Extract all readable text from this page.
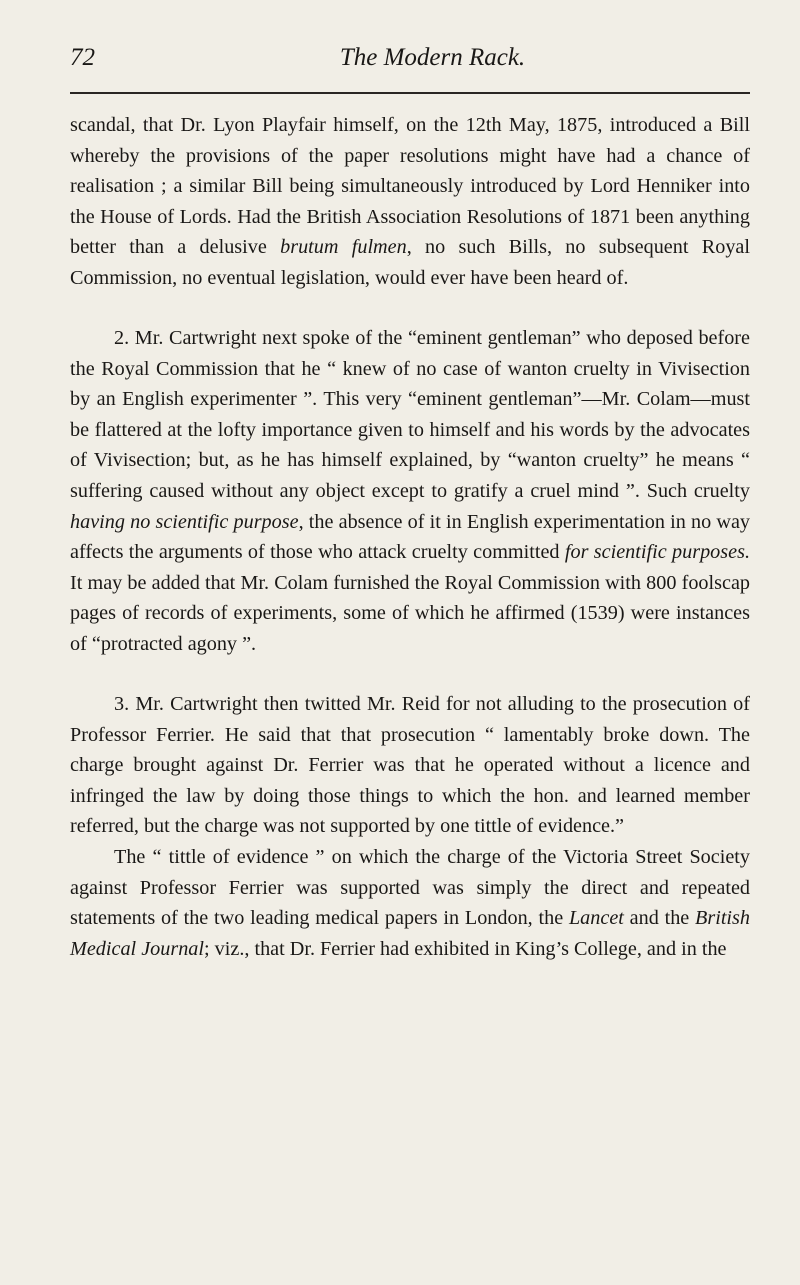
72	The Modern Rack.

scandal, that Dr. Lyon Playfair himself, on the 12th May, 1875, introduced a Bill whereby the provisions of the paper resolutions might have had a chance of realisation ; a similar Bill being simultaneously introduced by Lord Henniker into the House of Lords. Had the British Association Resolutions of 1871 been anything better than a delusive brutum fulmen, no such Bills, no subsequent Royal Commission, no eventual legislation, would ever have been heard of.

2. Mr. Cartwright next spoke of the “eminent gentleman” who deposed before the Royal Commission that he “ knew of no case of wanton cruelty in Vivisection by an English experimenter ”. This very “eminent gentleman”—Mr. Colam—must be flattered at the lofty importance given to himself and his words by the advocates of Vivisection; but, as he has himself explained, by “wanton cruelty” he means “ suffering caused without any object except to gratify a cruel mind ”. Such cruelty having no scientific purpose, the absence of it in English experimentation in no way affects the arguments of those who attack cruelty committed for scientific purposes. It may be added that Mr. Colam furnished the Royal Commission with 800 foolscap pages of records of experiments, some of which he affirmed (1539) were instances of “protracted agony ”.

3. Mr. Cartwright then twitted Mr. Reid for not alluding to the prosecution of Professor Ferrier. He said that that prosecution “ lamentably broke down. The charge brought against Dr. Ferrier was that he operated without a licence and infringed the law by doing those things to which the hon. and learned member referred, but the charge was not supported by one tittle of evidence.”

The “ tittle of evidence ” on which the charge of the Victoria Street Society against Professor Ferrier was supported was simply the direct and repeated statements of the two leading medical papers in London, the Lancet and the British Medical Journal; viz., that Dr. Ferrier had exhibited in King’s College, and in the
